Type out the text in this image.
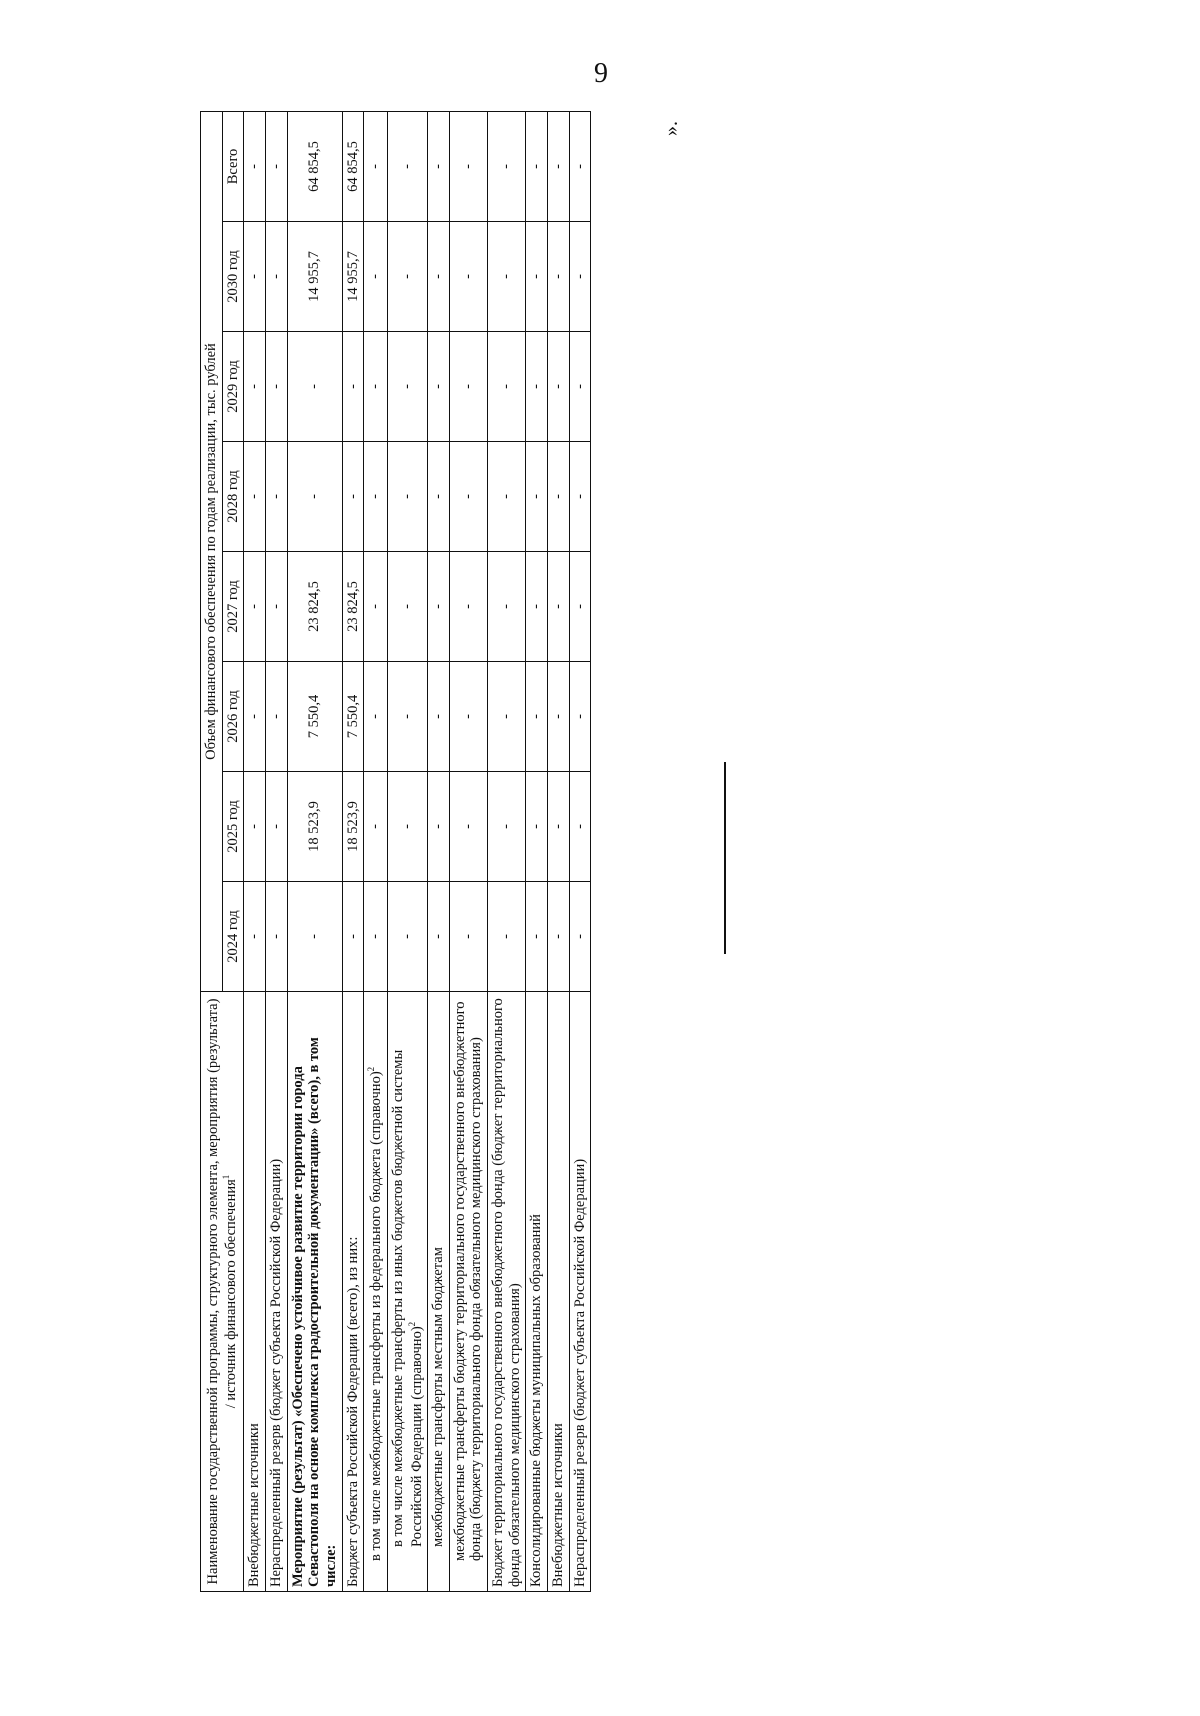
9
Наименование государственной программы, структурного элемента, мероприятия (результата) / источник финансового обеспечения$^1$	Объем финансового обеспечения по годам реализации, тыс. рублей							
	2024 год	2025 год	2026 год	2027 год	2028 год	2029 год	2030 год	Всего
Внебюджетные источники	-	-	-	-	-	-	-	-
Нераспределенный резерв (бюджет субъекта Российской Федерации)	-	-	-	-	-	-	-	-
Мероприятие (результат) «Обеспечено устойчивое развитие территории города Севастополя на основе комплекса градостроительной документации» (всего), в том числе:	-	18 523,9	7 550,4	23 824,5	-	-	14 955,7	64 854,5
Бюджет субъекта Российской Федерации (всего), из них:	-	18 523,9	7 550,4	23 824,5	-	-	14 955,7	64 854,5
в том числе межбюджетные трансферты из федерального бюджета (справочно)$^2$	-	-	-	-	-	-	-	-
в том числе межбюджетные трансферты из иных бюджетов бюджетной системы Российской Федерации (справочно)$^2$	-	-	-	-	-	-	-	-
межбюджетные трансферты местным бюджетам	-	-	-	-	-	-	-	-
межбюджетные трансферты бюджету территориального государственного внебюджетного фонда (бюджету территориального фонда обязательного медицинского страхования)	-	-	-	-	-	-	-	-
Бюджет территориального государственного внебюджетного фонда (бюджет территориального фонда обязательного медицинского страхования)	-	-	-	-	-	-	-	-
Консолидированные бюджеты муниципальных образований	-	-	-	-	-	-	-	-
Внебюджетные источники	-	-	-	-	-	-	-	-
Нераспределенный резерв (бюджет субъекта Российской Федерации)	-	-	-	-	-	-	-	-
».
